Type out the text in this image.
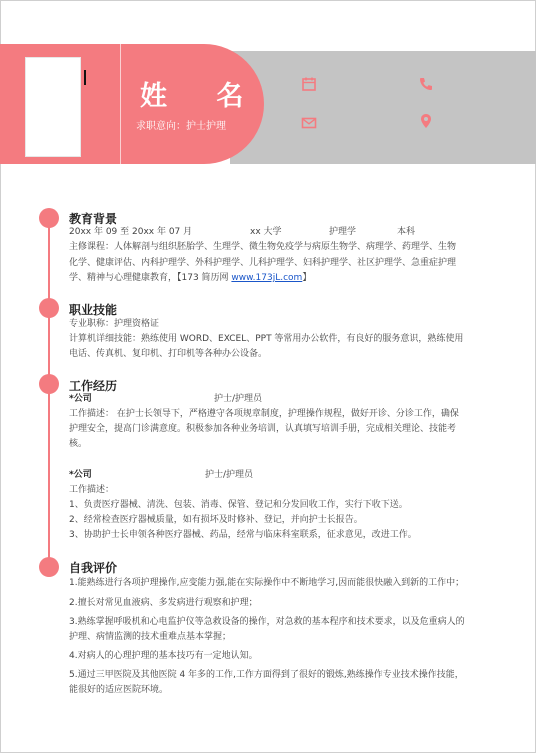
姓 名
求职意向：护士护理
教育背景
20xx 年 09 至 20xx 年 07 月	xx 大学	护理学	本科
主修课程：人体解剖与组织胚胎学、生理学、微生物免疫学与病原生物学、病理学、药理学、生物
化学、健康评估、内科护理学、外科护理学、儿科护理学、妇科护理学、社区护理学、急重症护理
学、精神与心理健康教育，【173 简历网 www.173jL.com】
职业技能
专业职称：护理资格证
计算机详细技能：熟练使用 WORD、EXCEL、PPT 等常用办公软件，有良好的服务意识，熟练使用
电话、传真机、复印机、打印机等各种办公设备。
工作经历
*公司	护士/护理员
工作描述： 在护士长领导下，严格遵守各项规章制度，护理操作规程，做好开诊、分诊工作，确保
护理安全，提高门诊满意度。积极参加各种业务培训，认真填写培训手册，完成相关理论、技能考
核。
*公司	护士/护理员
工作描述：
1、负责医疗器械、清洗、包装、消毒、保管、登记和分发回收工作，实行下收下送。
2、经常检查医疗器械质量，如有损坏及时修补、登记，并向护士长报告。
3、协助护士长申领各种医疗器械、药品，经常与临床科室联系，征求意见，改进工作。
自我评价
1.能熟练进行各项护理操作,应变能力强,能在实际操作中不断地学习,因而能很快融入到新的工作中；
2.擅长对常见血液病、多发病进行观察和护理；
3.熟练掌握呼吸机和心电监护仪等急救设备的操作，对急救的基本程序和技术要求，以及危重病人的
护理、病情监测的技术重难点基本掌握；
4.对病人的心理护理的基本技巧有一定地认知。
5.通过三甲医院及其他医院 4 年多的工作,工作方面得到了很好的锻炼,熟练操作专业技术操作技能，
能很好的适应医院环境。
